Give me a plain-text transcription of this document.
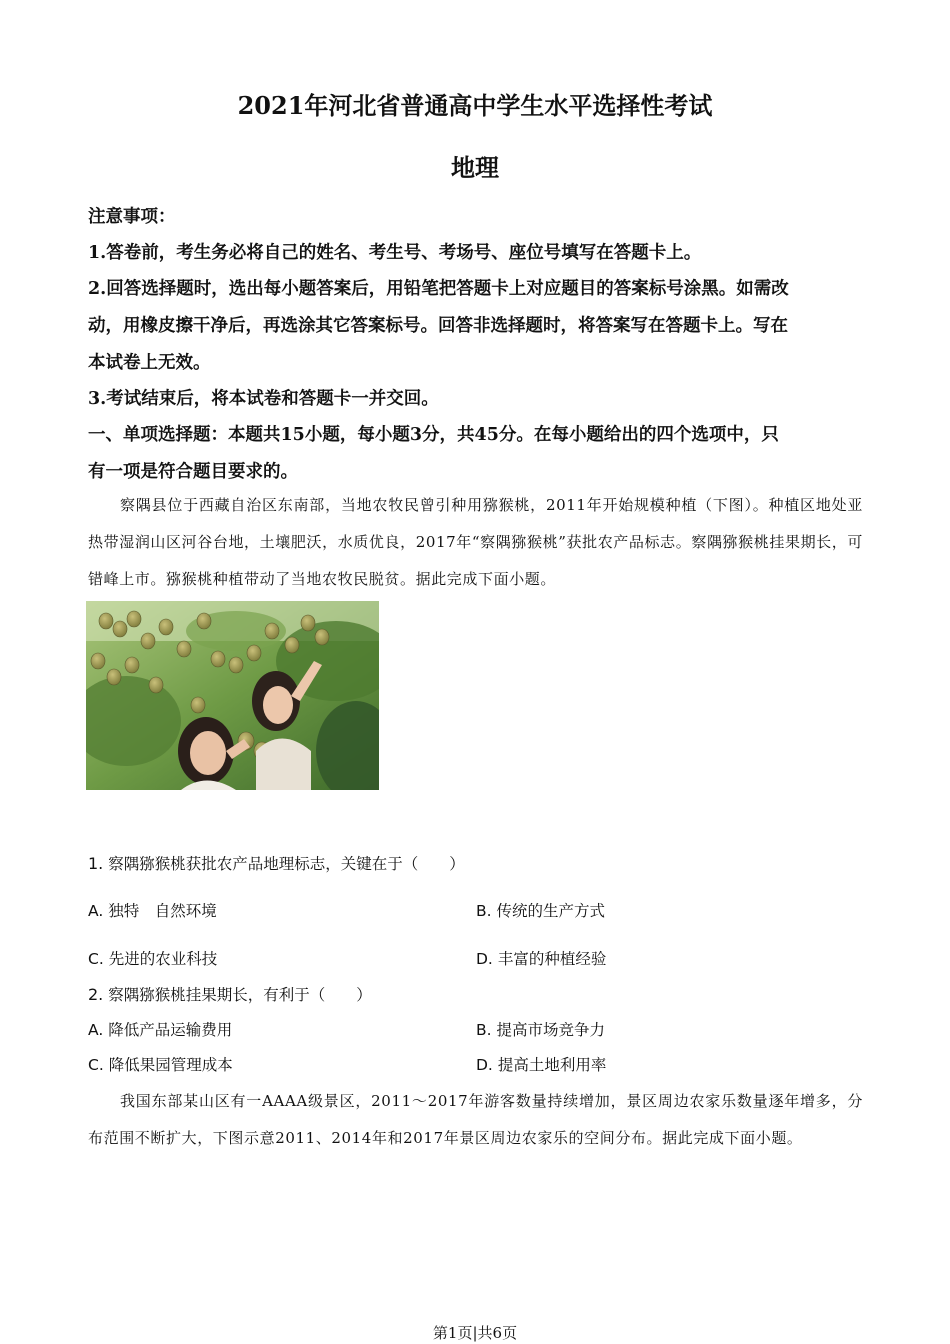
2021年河北省普通高中学生水平选择性考试
地理
注意事项：
1.答卷前，考生务必将自己的姓名、考生号、考场号、座位号填写在答题卡上。
2.回答选择题时，选出每小题答案后，用铅笔把答题卡上对应题目的答案标号涂黑。如需改
动，用橡皮擦干净后，再选涂其它答案标号。回答非选择题时，将答案写在答题卡上。写在
本试卷上无效。
3.考试结束后，将本试卷和答题卡一并交回。
一、单项选择题：本题共15小题，每小题3分，共45分。在每小题给出的四个选项中，只
有一项是符合题目要求的。
察隅县位于西藏自治区东南部，当地农牧民曾引种用猕猴桃，2011年开始规模种植（下图）。种植区地处亚热带湿润山区河谷台地，土壤肥沃，水质优良，2017年“察隅猕猴桃”获批农产品标志。察隅猕猴桃挂果期长，可错峰上市。猕猴桃种植带动了当地农牧民脱贫。据此完成下面小题。
1. 察隅猕猴桃获批农产品地理标志，关键在于（　　）
A. 独特　自然环境	B. 传统的生产方式
C. 先进的农业科技	D. 丰富的种植经验
2. 察隅猕猴桃挂果期长，有利于（　　）
A. 降低产品运输费用	B. 提高市场竞争力
C. 降低果园管理成本	D. 提高土地利用率
我国东部某山区有一AAAA级景区，2011～2017年游客数量持续增加，景区周边农家乐数量逐年增多，分布范围不断扩大，下图示意2011、2014年和2017年景区周边农家乐的空间分布。据此完成下面小题。
第1页|共6页
